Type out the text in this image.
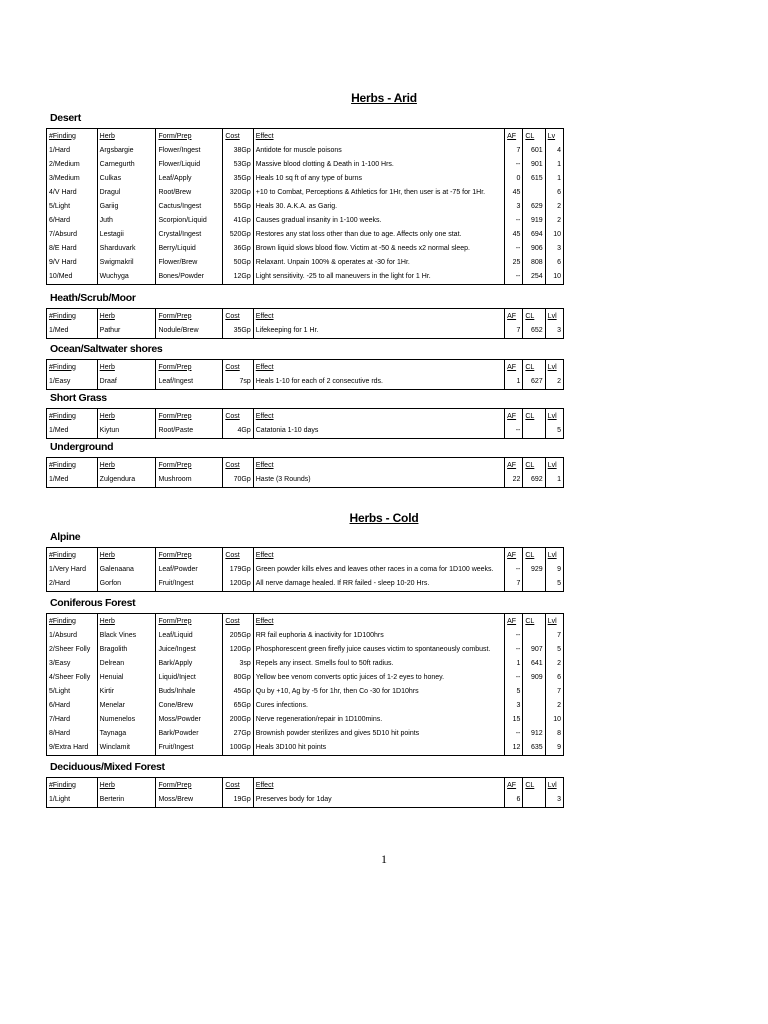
Herbs - Arid
Desert
#Finding	Herb	Form/Prep	Cost	Effect	AF	CL	Lv
1/Hard	Argsbargie	Flower/Ingest	38Gp	Antidote for muscle poisons	7	601	4
2/Medium	Carnegurth	Flower/Liquid	53Gp	Massive blood clotting & Death in 1-100 Hrs.	--	901	1
3/Medium	Culkas	Leaf/Apply	35Gp	Heals 10 sq ft of any type of burns	0	615	1
4/V Hard	Dragul	Root/Brew	320Gp	+10 to Combat, Perceptions & Athletics for 1Hr, then user is at -75 for 1Hr.	45		6
5/Light	Gariig	Cactus/Ingest	55Gp	Heals 30. A.K.A. as Garig.	3	629	2
6/Hard	Juth	Scorpion/Liquid	41Gp	Causes gradual insanity in 1-100 weeks.	--	919	2
7/Absurd	Lestagii	Crystal/Ingest	520Gp	Restores any stat loss other than due to age. Affects only one stat.	45	694	10
8/E Hard	Sharduvark	Berry/Liquid	36Gp	Brown liquid slows blood flow. Victim at -50 & needs x2 normal sleep.	--	906	3
9/V Hard	Swigmakril	Flower/Brew	50Gp	Relaxant. Unpain 100% & operates at -30 for 1Hr.	25	808	6
10/Med	Wuchyga	Bones/Powder	12Gp	Light sensitivity. -25 to all maneuvers in the light for 1 Hr.	--	254	10
Heath/Scrub/Moor
#Finding	Herb	Form/Prep	Cost	Effect	AF	CL	Lvl
1/Med	Pathur	Nodule/Brew	35Gp	Lifekeeping for 1 Hr.	7	652	3
Ocean/Saltwater shores
#Finding	Herb	Form/Prep	Cost	Effect	AF	CL	Lvl
1/Easy	Draaf	Leaf/Ingest	7sp	Heals 1-10 for each of 2 consecutive rds.	1	627	2
Short Grass
#Finding	Herb	Form/Prep	Cost	Effect	AF	CL	Lvl
1/Med	Kiytun	Root/Paste	4Gp	Catatonia 1-10 days	--		5
Underground
#Finding	Herb	Form/Prep	Cost	Effect	AF	CL	Lvl
1/Med	Zulgendura	Mushroom	70Gp	Haste (3 Rounds)	22	692	1
Herbs - Cold
Alpine
#Finding	Herb	Form/Prep	Cost	Effect	AF	CL	Lvl
1/Very Hard	Galenaana	Leaf/Powder	179Gp	Green powder kills elves and leaves other races in a coma for 1D100 weeks.	--	929	9
2/Hard	Gorfon	Fruit/Ingest	120Gp	All nerve damage healed. If RR failed - sleep 10-20 Hrs.	7		5
Coniferous Forest
#Finding	Herb	Form/Prep	Cost	Effect	AF	CL	Lvl
1/Absurd	Black Vines	Leaf/Liquid	205Gp	RR fail euphoria & inactivity for 1D100hrs	--		7
2/Sheer Folly	Bragolith	Juice/Ingest	120Gp	Phosphorescent green firefly juice causes victim to spontaneously combust.	--	907	5
3/Easy	Delrean	Bark/Apply	3sp	Repels any insect. Smells foul to 50ft radius.	1	641	2
4/Sheer Folly	Henuial	Liquid/Inject	80Gp	Yellow bee venom converts optic juices of 1-2 eyes to honey.	--	909	6
5/Light	Kirtir	Buds/Inhale	45Gp	Qu by +10, Ag by -5 for 1hr, then Co -30 for 1D10hrs	5		7
6/Hard	Menelar	Cone/Brew	65Gp	Cures infections.	3		2
7/Hard	Numenelos	Moss/Powder	200Gp	Nerve regeneration/repair in 1D100mins.	15		10
8/Hard	Taynaga	Bark/Powder	27Gp	Brownish powder sterilizes and gives 5D10 hit points	--	912	8
9/Extra Hard	Winclamit	Fruit/Ingest	100Gp	Heals 3D100 hit points	12	635	9
Deciduous/Mixed Forest
#Finding	Herb	Form/Prep	Cost	Effect	AF	CL	Lvl
1/Light	Berterin	Moss/Brew	19Gp	Preserves body for 1day	6		3
1
